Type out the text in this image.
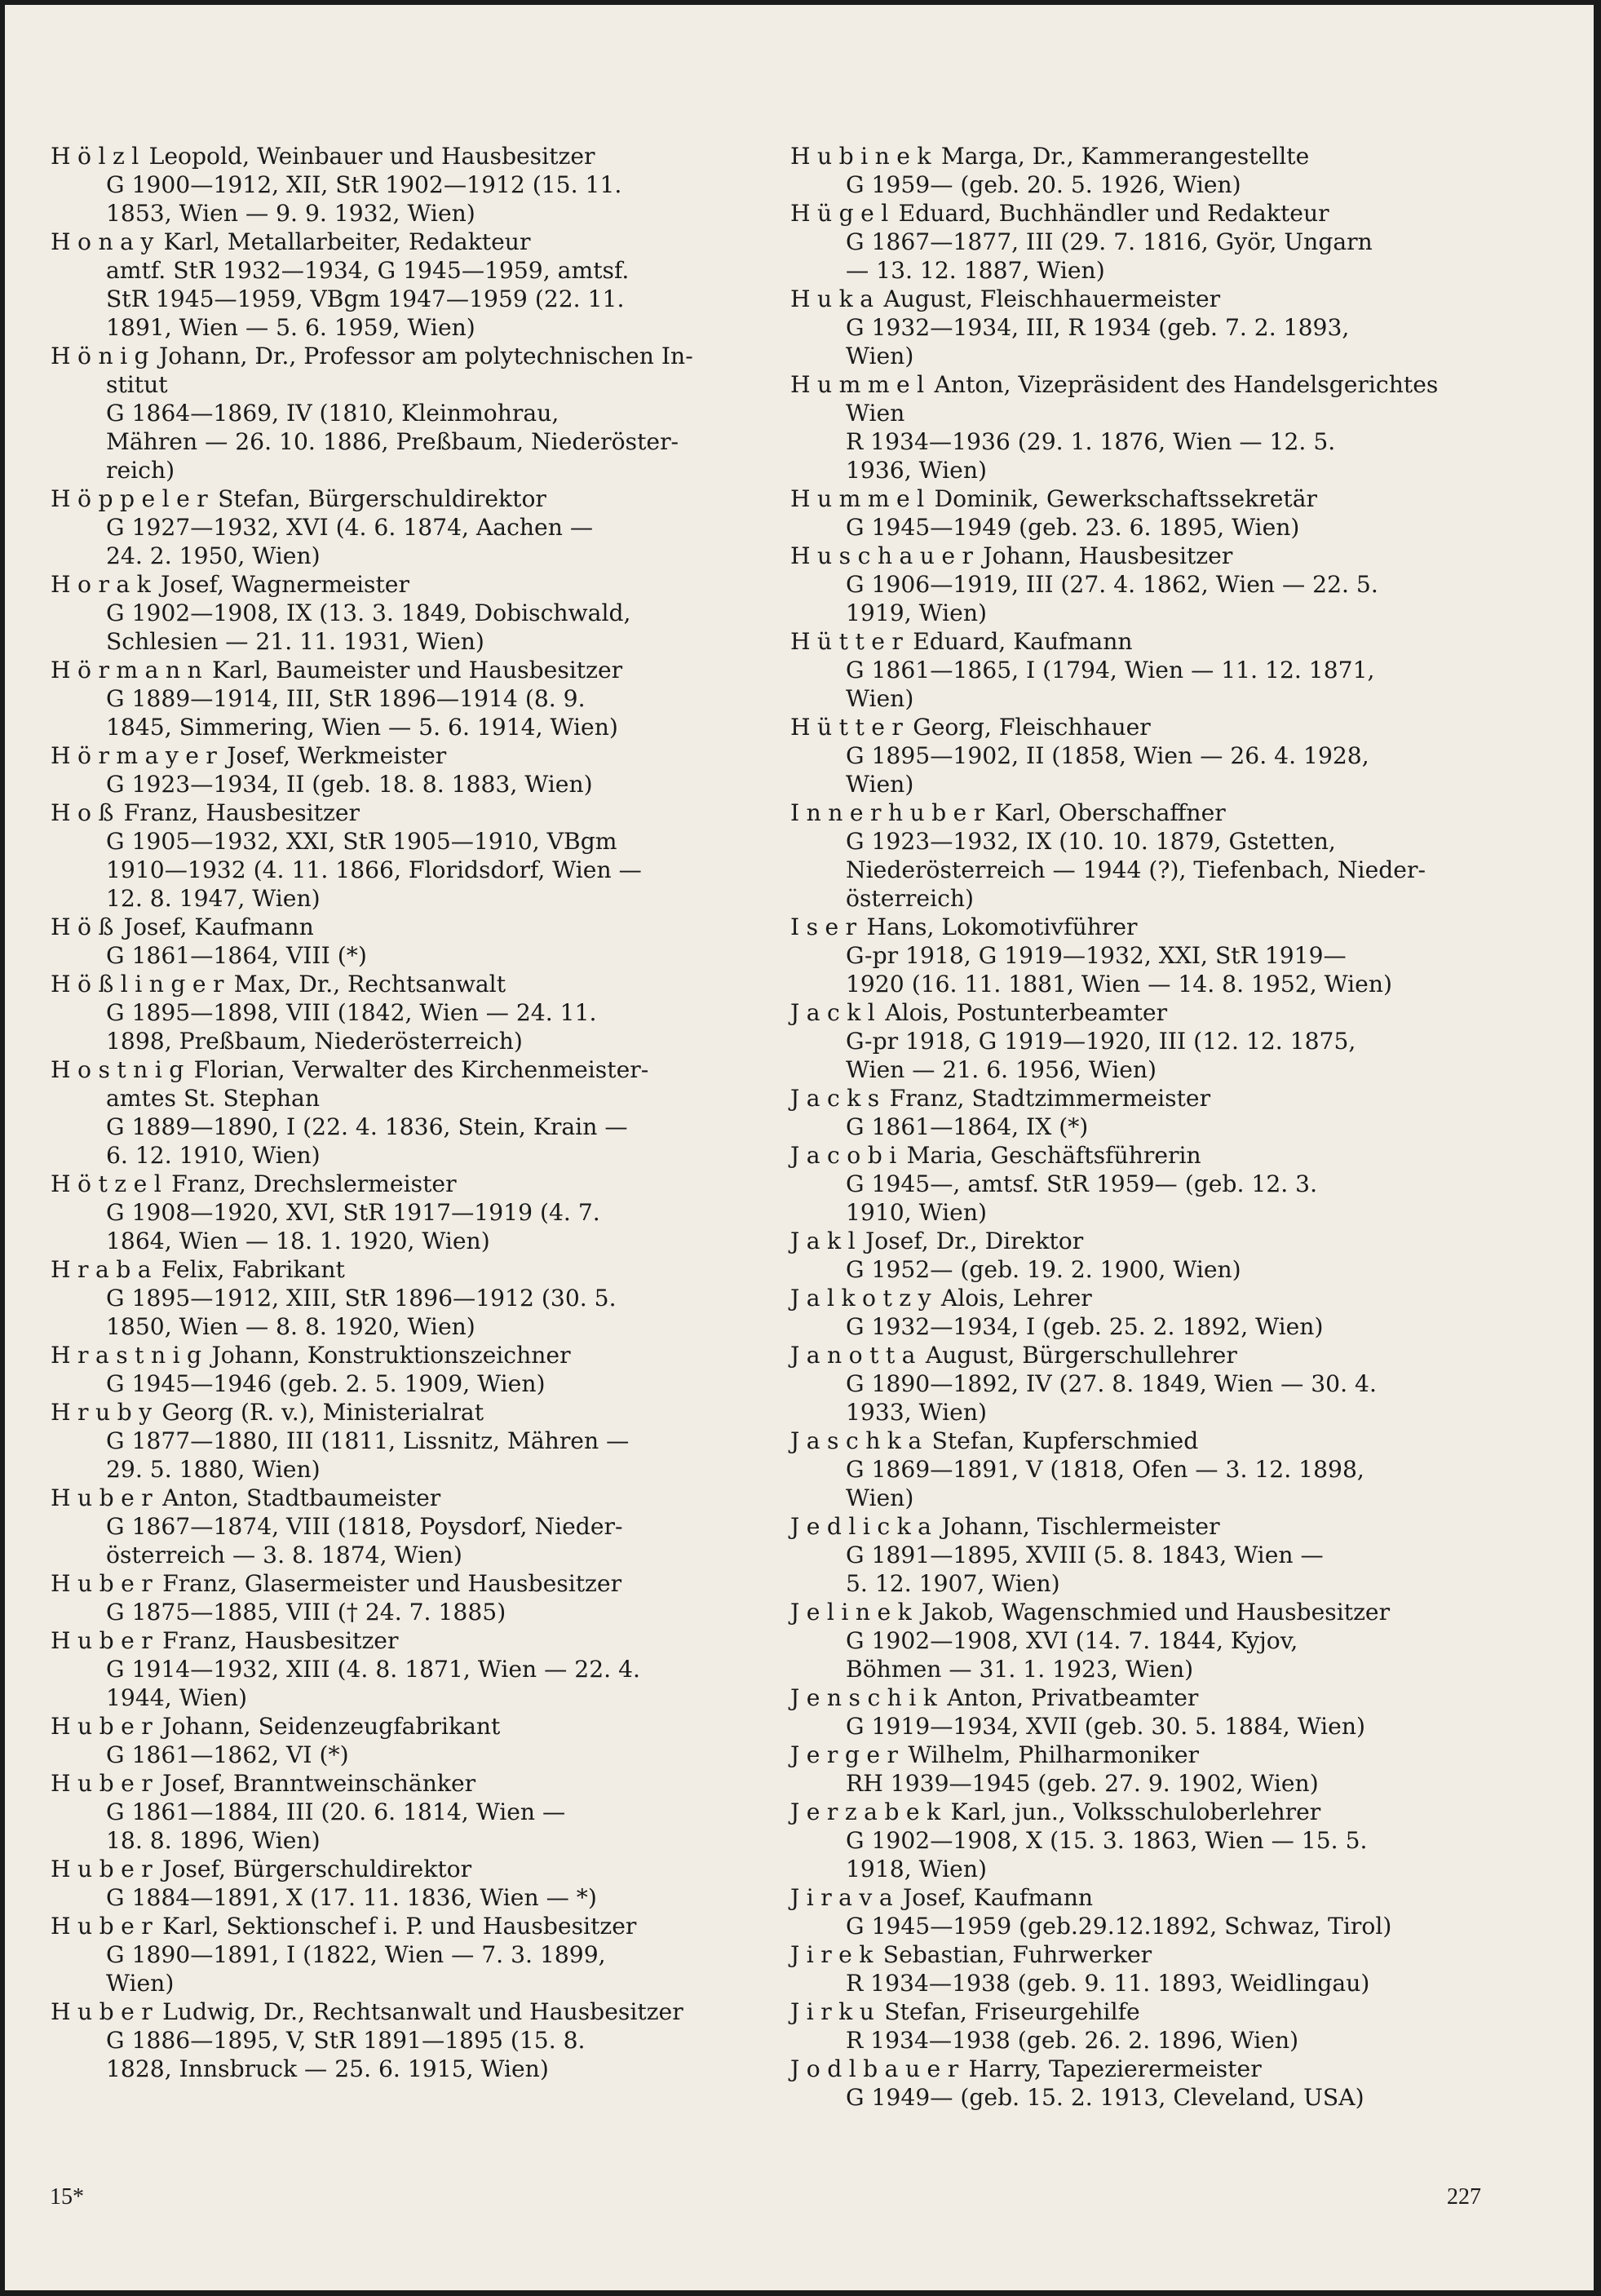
Hölzl Leopold, Weinbauer und Hausbesitzer
G 1900—1912, XII, StR 1902—1912 (15. 11.
1853, Wien — 9. 9. 1932, Wien)
Honay Karl, Metallarbeiter, Redakteur
amtf. StR 1932—1934, G 1945—1959, amtsf.
StR 1945—1959, VBgm 1947—1959 (22. 11.
1891, Wien — 5. 6. 1959, Wien)
Hönig Johann, Dr., Professor am polytechnischen In-
stitut
G 1864—1869, IV (1810, Kleinmohrau,
Mähren — 26. 10. 1886, Preßbaum, Niederöster-
reich)
Höppeler Stefan, Bürgerschuldirektor
G 1927—1932, XVI (4. 6. 1874, Aachen —
24. 2. 1950, Wien)
Horak Josef, Wagnermeister
G 1902—1908, IX (13. 3. 1849, Dobischwald,
Schlesien — 21. 11. 1931, Wien)
Hörmann Karl, Baumeister und Hausbesitzer
G 1889—1914, III, StR 1896—1914 (8. 9.
1845, Simmering, Wien — 5. 6. 1914, Wien)
Hörmayer Josef, Werkmeister
G 1923—1934, II (geb. 18. 8. 1883, Wien)
Hoß Franz, Hausbesitzer
G 1905—1932, XXI, StR 1905—1910, VBgm
1910—1932 (4. 11. 1866, Floridsdorf, Wien —
12. 8. 1947, Wien)
Höß Josef, Kaufmann
G 1861—1864, VIII (*)
Hößlinger Max, Dr., Rechtsanwalt
G 1895—1898, VIII (1842, Wien — 24. 11.
1898, Preßbaum, Niederösterreich)
Hostnig Florian, Verwalter des Kirchenmeister-
amtes St. Stephan
G 1889—1890, I (22. 4. 1836, Stein, Krain —
6. 12. 1910, Wien)
Hötzel Franz, Drechslermeister
G 1908—1920, XVI, StR 1917—1919 (4. 7.
1864, Wien — 18. 1. 1920, Wien)
Hraba Felix, Fabrikant
G 1895—1912, XIII, StR 1896—1912 (30. 5.
1850, Wien — 8. 8. 1920, Wien)
Hrastnig Johann, Konstruktionszeichner
G 1945—1946 (geb. 2. 5. 1909, Wien)
Hruby Georg (R. v.), Ministerialrat
G 1877—1880, III (1811, Lissnitz, Mähren —
29. 5. 1880, Wien)
Huber Anton, Stadtbaumeister
G 1867—1874, VIII (1818, Poysdorf, Nieder-
österreich — 3. 8. 1874, Wien)
Huber Franz, Glasermeister und Hausbesitzer
G 1875—1885, VIII († 24. 7. 1885)
Huber Franz, Hausbesitzer
G 1914—1932, XIII (4. 8. 1871, Wien — 22. 4.
1944, Wien)
Huber Johann, Seidenzeugfabrikant
G 1861—1862, VI (*)
Huber Josef, Branntweinschänker
G 1861—1884, III (20. 6. 1814, Wien —
18. 8. 1896, Wien)
Huber Josef, Bürgerschuldirektor
G 1884—1891, X (17. 11. 1836, Wien — *)
Huber Karl, Sektionschef i. P. und Hausbesitzer
G 1890—1891, I (1822, Wien — 7. 3. 1899,
Wien)
Huber Ludwig, Dr., Rechtsanwalt und Hausbesitzer
G 1886—1895, V, StR 1891—1895 (15. 8.
1828, Innsbruck — 25. 6. 1915, Wien)
Hubinek Marga, Dr., Kammerangestellte
G 1959— (geb. 20. 5. 1926, Wien)
Hügel Eduard, Buchhändler und Redakteur
G 1867—1877, III (29. 7. 1816, Györ, Ungarn
— 13. 12. 1887, Wien)
Huka August, Fleischhauermeister
G 1932—1934, III, R 1934 (geb. 7. 2. 1893,
Wien)
Hummel Anton, Vizepräsident des Handelsgerichtes
Wien
R 1934—1936 (29. 1. 1876, Wien — 12. 5.
1936, Wien)
Hummel Dominik, Gewerkschaftssekretär
G 1945—1949 (geb. 23. 6. 1895, Wien)
Huschauer Johann, Hausbesitzer
G 1906—1919, III (27. 4. 1862, Wien — 22. 5.
1919, Wien)
Hütter Eduard, Kaufmann
G 1861—1865, I (1794, Wien — 11. 12. 1871,
Wien)
Hütter Georg, Fleischhauer
G 1895—1902, II (1858, Wien — 26. 4. 1928,
Wien)
Innerhuber Karl, Oberschaffner
G 1923—1932, IX (10. 10. 1879, Gstetten,
Niederösterreich — 1944 (?), Tiefenbach, Nieder-
österreich)
Iser Hans, Lokomotivführer
G-pr 1918, G 1919—1932, XXI, StR 1919—
1920 (16. 11. 1881, Wien — 14. 8. 1952, Wien)
Jackl Alois, Postunterbeamter
G-pr 1918, G 1919—1920, III (12. 12. 1875,
Wien — 21. 6. 1956, Wien)
Jacks Franz, Stadtzimmermeister
G 1861—1864, IX (*)
Jacobi Maria, Geschäftsführerin
G 1945—, amtsf. StR 1959— (geb. 12. 3.
1910, Wien)
Jakl Josef, Dr., Direktor
G 1952— (geb. 19. 2. 1900, Wien)
Jalkotzy Alois, Lehrer
G 1932—1934, I (geb. 25. 2. 1892, Wien)
Janotta August, Bürgerschullehrer
G 1890—1892, IV (27. 8. 1849, Wien — 30. 4.
1933, Wien)
Jaschka Stefan, Kupferschmied
G 1869—1891, V (1818, Ofen — 3. 12. 1898,
Wien)
Jedlicka Johann, Tischlermeister
G 1891—1895, XVIII (5. 8. 1843, Wien —
5. 12. 1907, Wien)
Jelinek Jakob, Wagenschmied und Hausbesitzer
G 1902—1908, XVI (14. 7. 1844, Kyjov,
Böhmen — 31. 1. 1923, Wien)
Jenschik Anton, Privatbeamter
G 1919—1934, XVII (geb. 30. 5. 1884, Wien)
Jerger Wilhelm, Philharmoniker
RH 1939—1945 (geb. 27. 9. 1902, Wien)
Jerzabek Karl, jun., Volksschuloberlehrer
G 1902—1908, X (15. 3. 1863, Wien — 15. 5.
1918, Wien)
Jirava Josef, Kaufmann
G 1945—1959 (geb.29.12.1892, Schwaz, Tirol)
Jirek Sebastian, Fuhrwerker
R 1934—1938 (geb. 9. 11. 1893, Weidlingau)
Jirku Stefan, Friseurgehilfe
R 1934—1938 (geb. 26. 2. 1896, Wien)
Jodlbauer Harry, Tapezierermeister
G 1949— (geb. 15. 2. 1913, Cleveland, USA)
15*	227
